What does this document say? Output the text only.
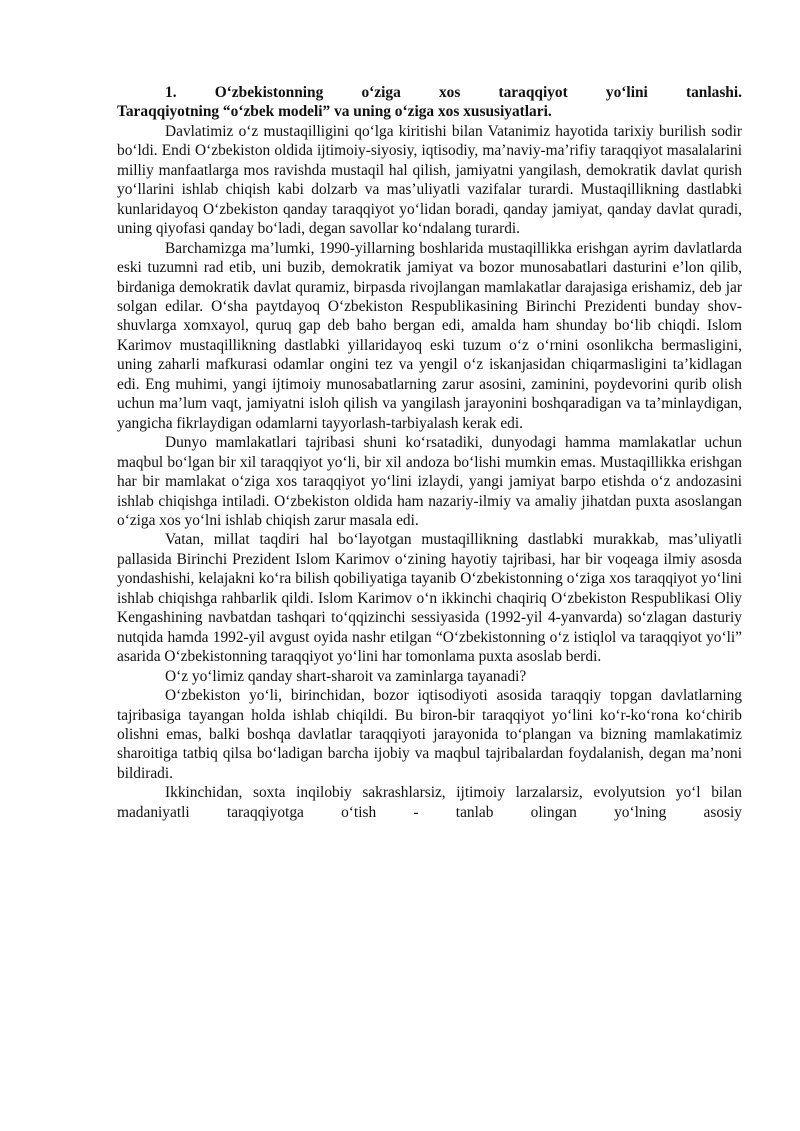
1. O‘zbekistonning o‘ziga xos taraqqiyot yo‘lini tanlashi.
Taraqqiyotning “o‘zbek modeli” va uning o‘ziga xos xususiyatlari.

Davlatimiz o‘z mustaqilligini qo‘lga kiritishi bilan Vatanimiz hayotida tarixiy burilish sodir bo‘ldi. Endi O‘zbekiston oldida ijtimoiy-siyosiy, iqtisodiy, ma’naviy-ma’rifiy taraqqiyot masalalarini milliy manfaatlarga mos ravishda mustaqil hal qilish, jamiyatni yangilash, demokratik davlat qurish yo‘llarini ishlab chiqish kabi dolzarb va mas’uliyatli vazifalar turardi. Mustaqillikning dastlabki kunlaridayoq O‘zbekiston qanday taraqqiyot yo‘lidan boradi, qanday jamiyat, qanday davlat quradi, uning qiyofasi qanday bo‘ladi, degan savollar ko‘ndalang turardi.

Barchamizga ma’lumki, 1990-yillarning boshlarida mustaqillikka erishgan ayrim davlatlarda eski tuzumni rad etib, uni buzib, demokratik jamiyat va bozor munosabatlari dasturini e’lon qilib, birdaniga demokratik davlat quramiz, birpasda rivojlangan mamlakatlar darajasiga erishamiz, deb jar solgan edilar. O‘sha paytdayoq O‘zbekiston Respublikasining Birinchi Prezidenti bunday shov-shuvlarga xomxayol, quruq gap deb baho bergan edi, amalda ham shunday bo‘lib chiqdi. Islom Karimov mustaqillikning dastlabki yillaridayoq eski tuzum o‘z o‘rnini osonlikcha bermasligini, uning zaharli mafkurasi odamlar ongini tez va yengil o‘z iskanjasidan chiqarmasligini ta’kidlagan edi. Eng muhimi, yangi ijtimoiy munosabatlarning zarur asosini, zaminini, poydevorini qurib olish uchun ma’lum vaqt, jamiyatni isloh qilish va yangilash jarayonini boshqaradigan va ta’minlaydigan, yangicha fikrlaydigan odamlarni tayyorlash-tarbiyalash kerak edi.

Dunyo mamlakatlari tajribasi shuni ko‘rsatadiki, dunyodagi hamma mamlakatlar uchun maqbul bo‘lgan bir xil taraqqiyot yo‘li, bir xil andoza bo‘lishi mumkin emas. Mustaqillikka erishgan har bir mamlakat o‘ziga xos taraqqiyot yo‘lini izlaydi, yangi jamiyat barpo etishda o‘z andozasini ishlab chiqishga intiladi. O‘zbekiston oldida ham nazariy-ilmiy va amaliy jihatdan puxta asoslangan o‘ziga xos yo‘lni ishlab chiqish zarur masala edi.

Vatan, millat taqdiri hal bo‘layotgan mustaqillikning dastlabki murakkab, mas’uliyatli pallasida Birinchi Prezident Islom Karimov o‘zining hayotiy tajribasi, har bir voqeaga ilmiy asosda yondashishi, kelajakni ko‘ra bilish qobiliyatiga tayanib O‘zbekistonning o‘ziga xos taraqqiyot yo‘lini ishlab chiqishga rahbarlik qildi. Islom Karimov o‘n ikkinchi chaqiriq O‘zbekiston Respublikasi Oliy Kengashining navbatdan tashqari to‘qqizinchi sessiyasida (1992-yil 4-yanvarda) so‘zlagan dasturiy nutqida hamda 1992-yil avgust oyida nashr etilgan “O‘zbekistonning o‘z istiqlol va taraqqiyot yo‘li” asarida O‘zbekistonning taraqqiyot yo‘lini har tomonlama puxta asoslab berdi.

O‘z yo‘limiz qanday shart-sharoit va zaminlarga tayanadi?

O‘zbekiston yo‘li, birinchidan, bozor iqtisodiyoti asosida taraqqiy topgan davlatlarning tajribasiga tayangan holda ishlab chiqildi. Bu biron-bir taraqqiyot yo‘lini ko‘r-ko‘rona ko‘chirib olishni emas, balki boshqa davlatlar taraqqiyoti jarayonida to‘plangan va bizning mamlakatimiz sharoitiga tatbiq qilsa bo‘ladigan barcha ijobiy va maqbul tajribalardan foydalanish, degan ma’noni bildiradi.

Ikkinchidan, soxta inqilobiy sakrashlarsiz, ijtimoiy larzalarsiz, evolyutsion yo‘l bilan madaniyatli taraqqiyotga o‘tish - tanlab olingan yo‘lning asosiy
